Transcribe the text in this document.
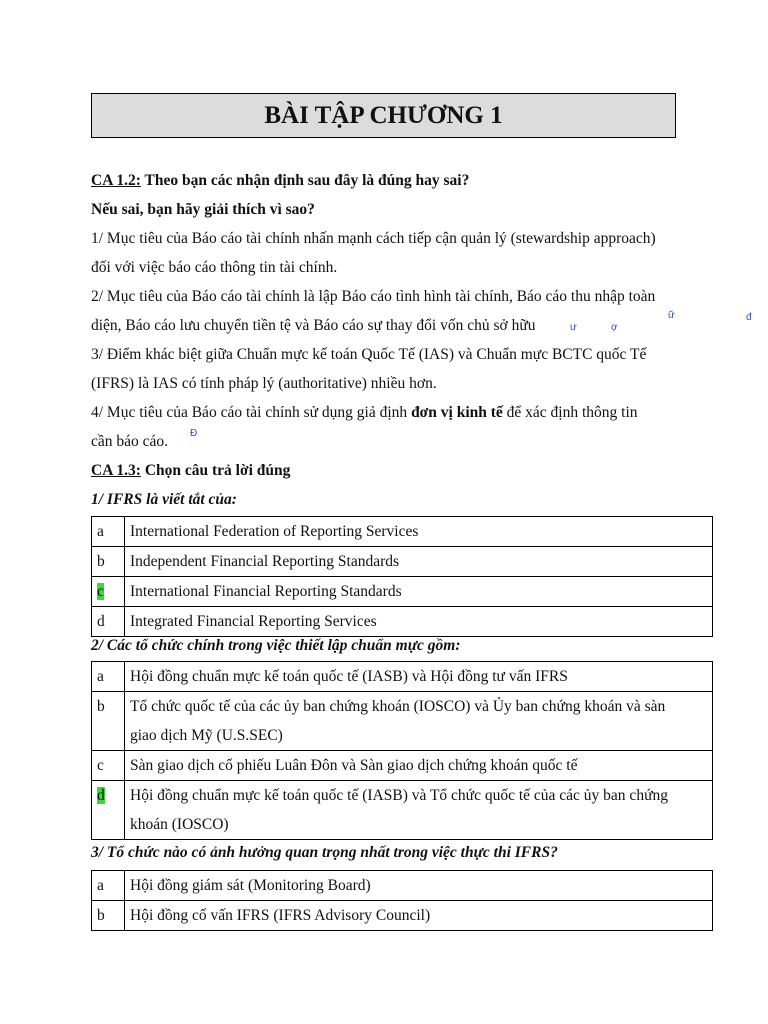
BÀI TẬP CHƯƠNG 1
CA 1.2: Theo bạn các nhận định sau đây là đúng hay sai?
Nếu sai, bạn hãy giải thích vì sao?
1/ Mục tiêu của Báo cáo tài chính nhấn mạnh cách tiếp cận quản lý (stewardship approach)
đối với việc báo cáo thông tin tài chính.
2/ Mục tiêu của Báo cáo tài chính là lập Báo cáo tình hình tài chính, Báo cáo thu nhập toàn
diện, Báo cáo lưu chuyển tiền tệ và Báo cáo sự thay đổi vốn chủ sở hữu
3/ Điểm khác biệt giữa Chuẩn mực kế toán Quốc Tế (IAS) và Chuẩn mực BCTC quốc Tế
(IFRS) là IAS có tính pháp lý (authoritative) nhiều hơn.
4/ Mục tiêu của Báo cáo tài chính sử dụng giả định đơn vị kinh tế để xác định thông tin
cần báo cáo.
CA 1.3: Chọn câu trả lời đúng
1/ IFRS là viết tắt của:
ư	ợ
ữ	đ
Đ
a	International Federation of Reporting Services
b	Independent Financial Reporting Standards
c	International Financial Reporting Standards
d	Integrated Financial Reporting Services
2/ Các tổ chức chính trong việc thiết lập chuẩn mực gồm:
a	Hội đồng chuẩn mực kế toán quốc tế (IASB) và Hội đồng tư vấn IFRS
b	Tổ chức quốc tế của các ủy ban chứng khoán (IOSCO) và Ủy ban chứng khoán và sàn
giao dịch Mỹ (U.S.SEC)

c	Sàn giao dịch cổ phiếu Luân Đôn và Sàn giao dịch chứng khoán quốc tế
d	Hội đồng chuẩn mực kế toán quốc tế (IASB) và Tổ chức quốc tế của các ủy ban chứng
khoán (IOSCO)
3/ Tổ chức nào có ảnh hưởng quan trọng nhất trong việc thực thi IFRS?
a	Hội đồng giám sát (Monitoring Board)
b	Hội đồng cố vấn IFRS (IFRS Advisory Council)
